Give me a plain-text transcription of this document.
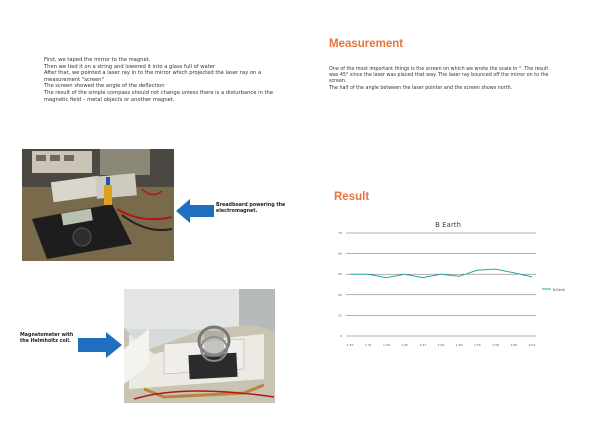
First, we taped the mirror to the magnet.

Then we tied it on a string and lowered it into a glass full of water

After that, we pointed a laser ray in to the mirror which projected the laser ray on a measurement "screen"

The screen showed the angle of the deflection

The result of the simple compass should not change unless there is a disturbance in the magnetic field – metal objects or another magnet.

Measurement

One of the most important things is the screen on which we wrote the scale in °. The result was 45° since the laser was placed that way. The laser ray bounced off the mirror on to the screen.

The half of the angle between the laser pointer and the screen shows north.

Breadboard powering the electromagnet.
Result
B Earth
0
15
30
45
60
75
1:30	1:31	1:34	1:35	1:37	1:40	1:50	1:55	1:58	1:60	2:02
B-Earth
Magnetometer with the Helmholtz coil.
